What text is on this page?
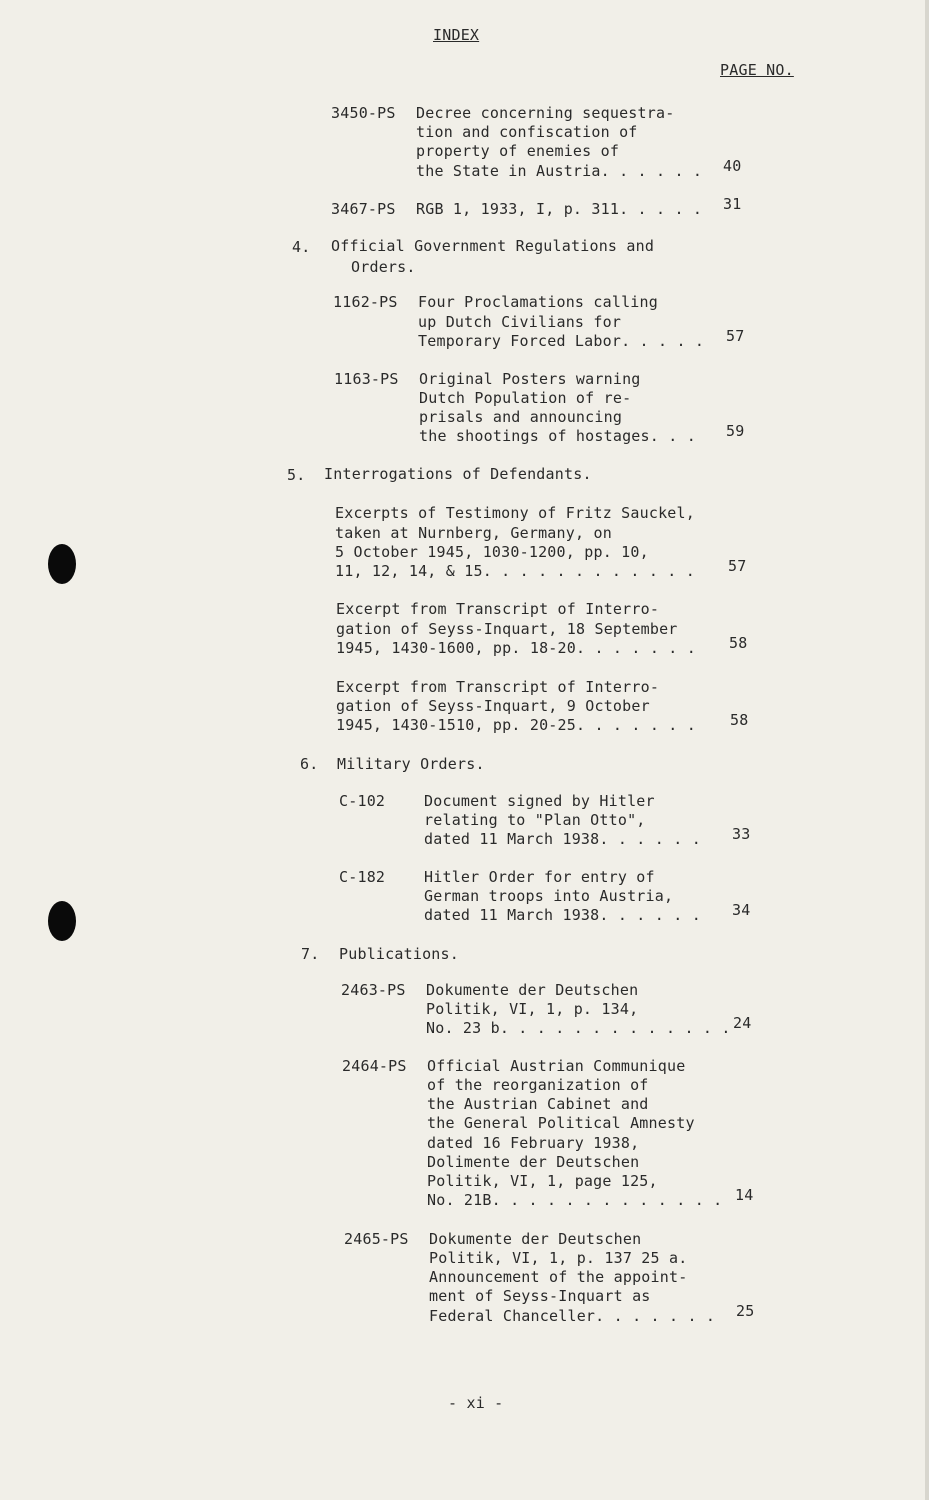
INDEX
PAGE NO.
3450-PS Decree concerning sequestra-
tion and confiscation of
property of enemies of
the State in Austria. . . . . . 40
3467-PS RGB 1, 1933, I, p. 311. . . . . 31
4. Official Government Regulations and
Orders.
1162-PS Four Proclamations calling
up Dutch Civilians for
Temporary Forced Labor. . . . . 57
1163-PS Original Posters warning
Dutch Population of re-
prisals and announcing
the shootings of hostages. . . 59
5. Interrogations of Defendants.
Excerpts of Testimony of Fritz Sauckel,
taken at Nurnberg, Germany, on
5 October 1945, 1030-1200, pp. 10,
11, 12, 14, & 15. . . . . . . . . . . . 57
Excerpt from Transcript of Interro-
gation of Seyss-Inquart, 18 September
1945, 1430-1600, pp. 18-20. . . . . . . 58
Excerpt from Transcript of Interro-
gation of Seyss-Inquart, 9 October
1945, 1430-1510, pp. 20-25. . . . . . . 58
6. Military Orders.
C-102	Document signed by Hitler
relating to "Plan Otto",
dated 11 March 1938. . . . . . 33
C-182	Hitler Order for entry of
German troops into Austria,
dated 11 March 1938. . . . . . 34
7. Publications.
2463-PS Dokumente der Deutschen
Politik, VI, 1, p. 134,
No. 23 b. . . . . . . . . . . . . 24
2464-PS Official Austrian Communique
of the reorganization of
the Austrian Cabinet and
the General Political Amnesty
dated 16 February 1938,
Dolimente der Deutschen
Politik, VI, 1, page 125,
No. 21B. . . . . . . . . . . . . 14
2465-PS Dokumente der Deutschen
Politik, VI, 1, p. 137 25 a.
Announcement of the appoint-
ment of Seyss-Inquart as
Federal Chanceller. . . . . . . 25
- xi -
